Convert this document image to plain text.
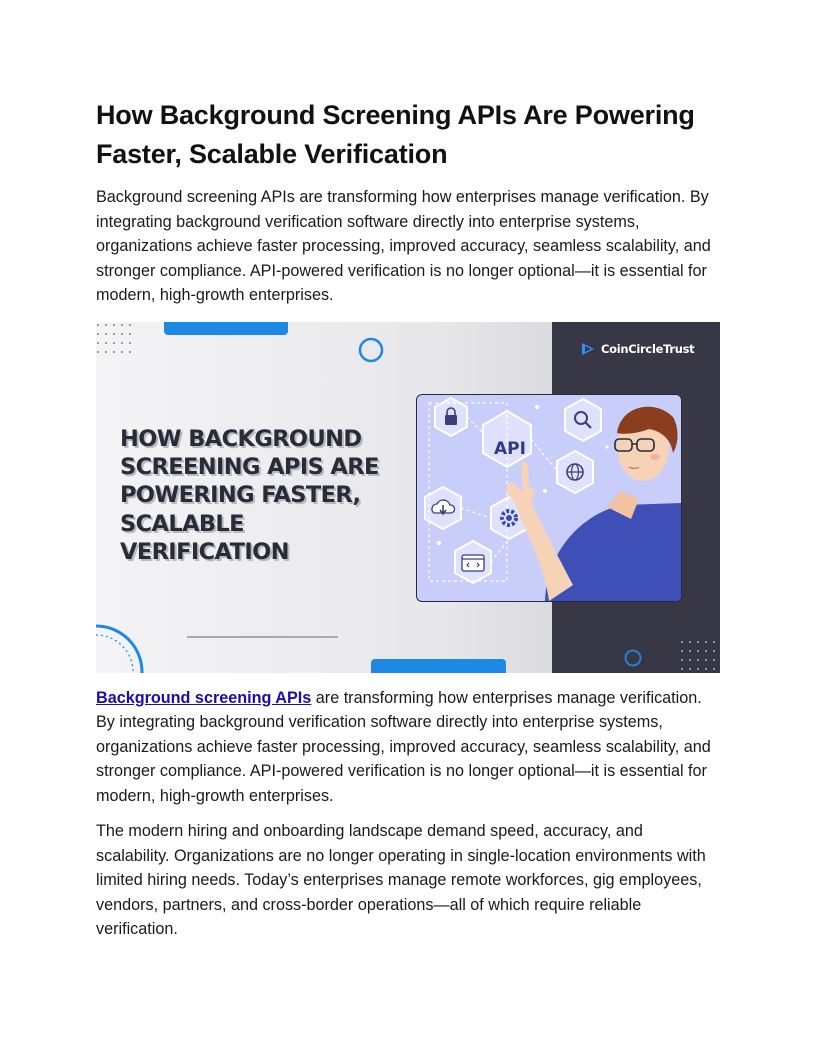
How Background Screening APIs Are Powering Faster, Scalable Verification

Background screening APIs are transforming how enterprises manage verification. By integrating background verification software directly into enterprise systems, organizations achieve faster processing, improved accuracy, seamless scalability, and stronger compliance. API-powered verification is no longer optional—it is essential for modern, high-growth enterprises.

CoinCircleTrust
HOW BACKGROUND SCREENING APIS ARE POWERING FASTER, SCALABLE VERIFICATION
API

Background screening APIs are transforming how enterprises manage verification. By integrating background verification software directly into enterprise systems, organizations achieve faster processing, improved accuracy, seamless scalability, and stronger compliance. API-powered verification is no longer optional—it is essential for modern, high-growth enterprises.

The modern hiring and onboarding landscape demand speed, accuracy, and scalability. Organizations are no longer operating in single-location environments with limited hiring needs. Today’s enterprises manage remote workforces, gig employees, vendors, partners, and cross-border operations—all of which require reliable verification.
